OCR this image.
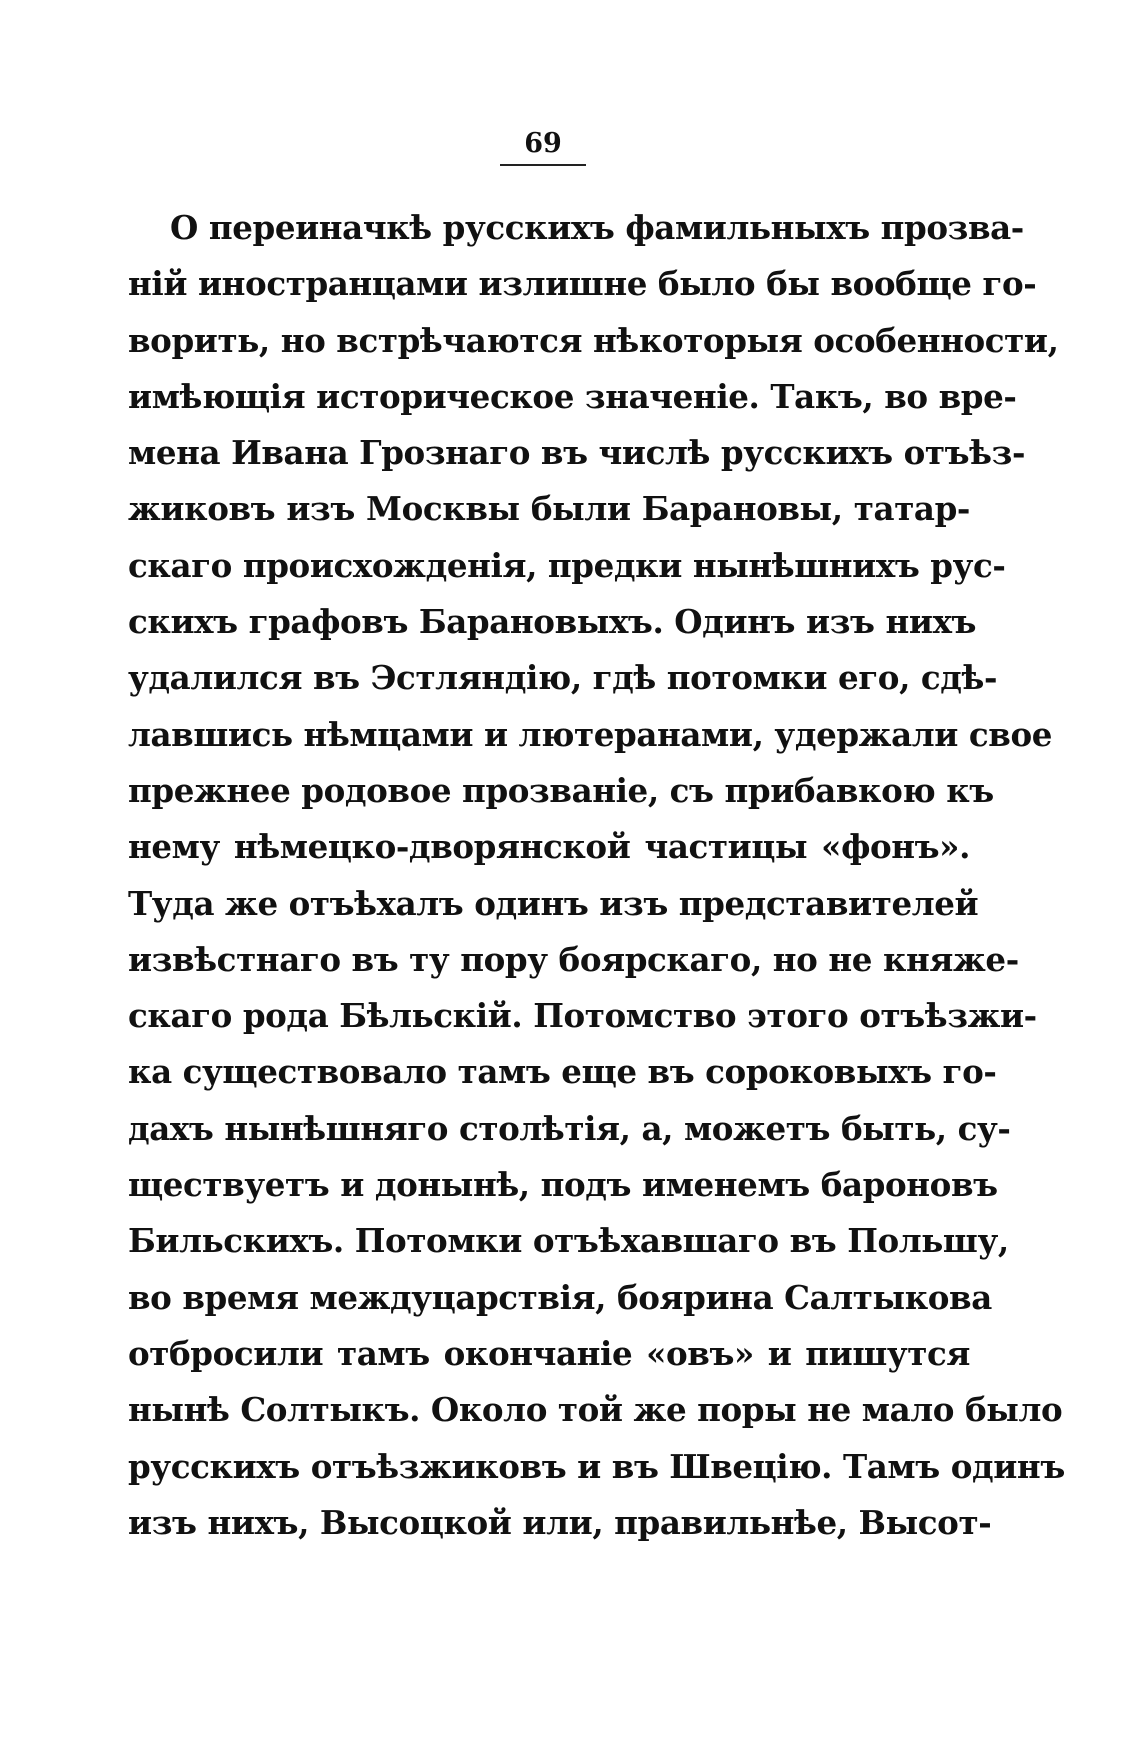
69
О переиначкѣ русскихъ фамильныхъ прозва-
ній иностранцами излишне было бы вообще го-
ворить, но встрѣчаются нѣкоторыя особенности,
имѣющія историческое значеніе. Такъ, во вре-
мена Ивана Грознаго въ числѣ русскихъ отъѣз-
жиковъ изъ Москвы были Барановы, татар-
скаго происхожденія, предки нынѣшнихъ рус-
скихъ графовъ Барановыхъ. Одинъ изъ нихъ
удалился въ Эстляндію, гдѣ потомки его, сдѣ-
лавшись нѣмцами и лютеранами, удержали свое
прежнее родовое прозваніе, съ прибавкою къ
нему нѣмецко-дворянской частицы «фонъ».
Туда же отъѣхалъ одинъ изъ представителей
извѣстнаго въ ту пору боярскаго, но не княже-
скаго рода Бѣльскій. Потомство этого отъѣзжи-
ка существовало тамъ еще въ сороковыхъ го-
дахъ нынѣшняго столѣтія, а, можетъ быть, су-
ществуетъ и донынѣ, подъ именемъ бароновъ
Бильскихъ. Потомки отъѣхавшаго въ Польшу,
во время междуцарствія, боярина Салтыкова
отбросили тамъ окончаніе «овъ» и пишутся
нынѣ Солтыкъ. Около той же поры не мало было
русскихъ отъѣзжиковъ и въ Швецію. Тамъ одинъ
изъ нихъ, Высоцкой или, правильнѣе, Высот-
